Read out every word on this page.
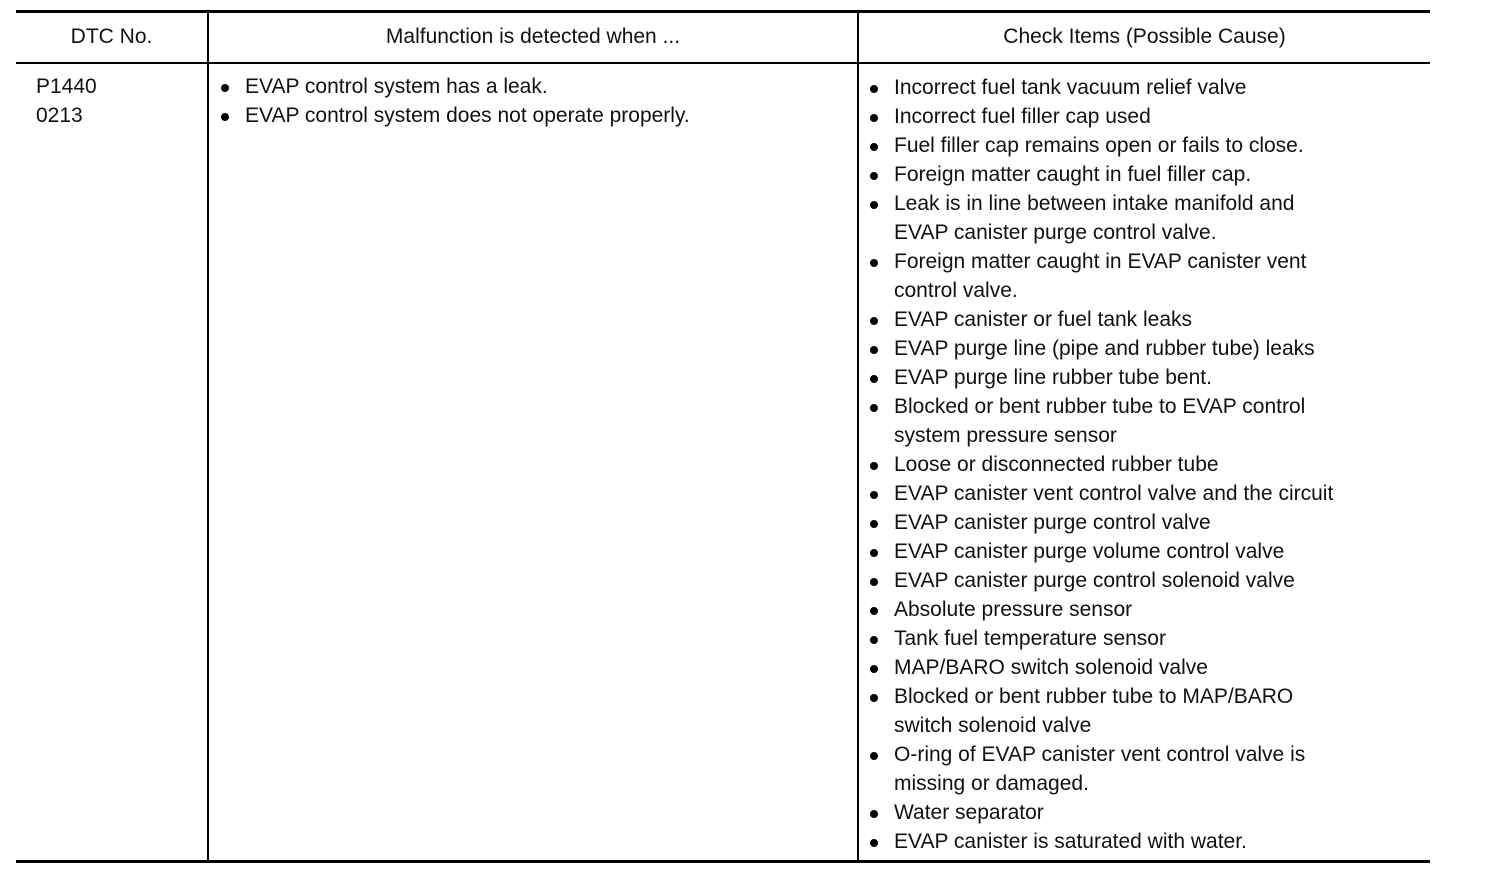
DTC No.	Malfunction is detected when ...	Check Items (Possible Cause)
P1440
0213
EVAP control system has a leak.
EVAP control system does not operate properly.
Incorrect fuel tank vacuum relief valve
Incorrect fuel filler cap used
Fuel filler cap remains open or fails to close.
Foreign matter caught in fuel filler cap.
Leak is in line between intake manifold and
EVAP canister purge control valve.
Foreign matter caught in EVAP canister vent
control valve.
EVAP canister or fuel tank leaks
EVAP purge line (pipe and rubber tube) leaks
EVAP purge line rubber tube bent.
Blocked or bent rubber tube to EVAP control
system pressure sensor
Loose or disconnected rubber tube
EVAP canister vent control valve and the circuit
EVAP canister purge control valve
EVAP canister purge volume control valve
EVAP canister purge control solenoid valve
Absolute pressure sensor
Tank fuel temperature sensor
MAP/BARO switch solenoid valve
Blocked or bent rubber tube to MAP/BARO
switch solenoid valve
O-ring of EVAP canister vent control valve is
missing or damaged.
Water separator
EVAP canister is saturated with water.
